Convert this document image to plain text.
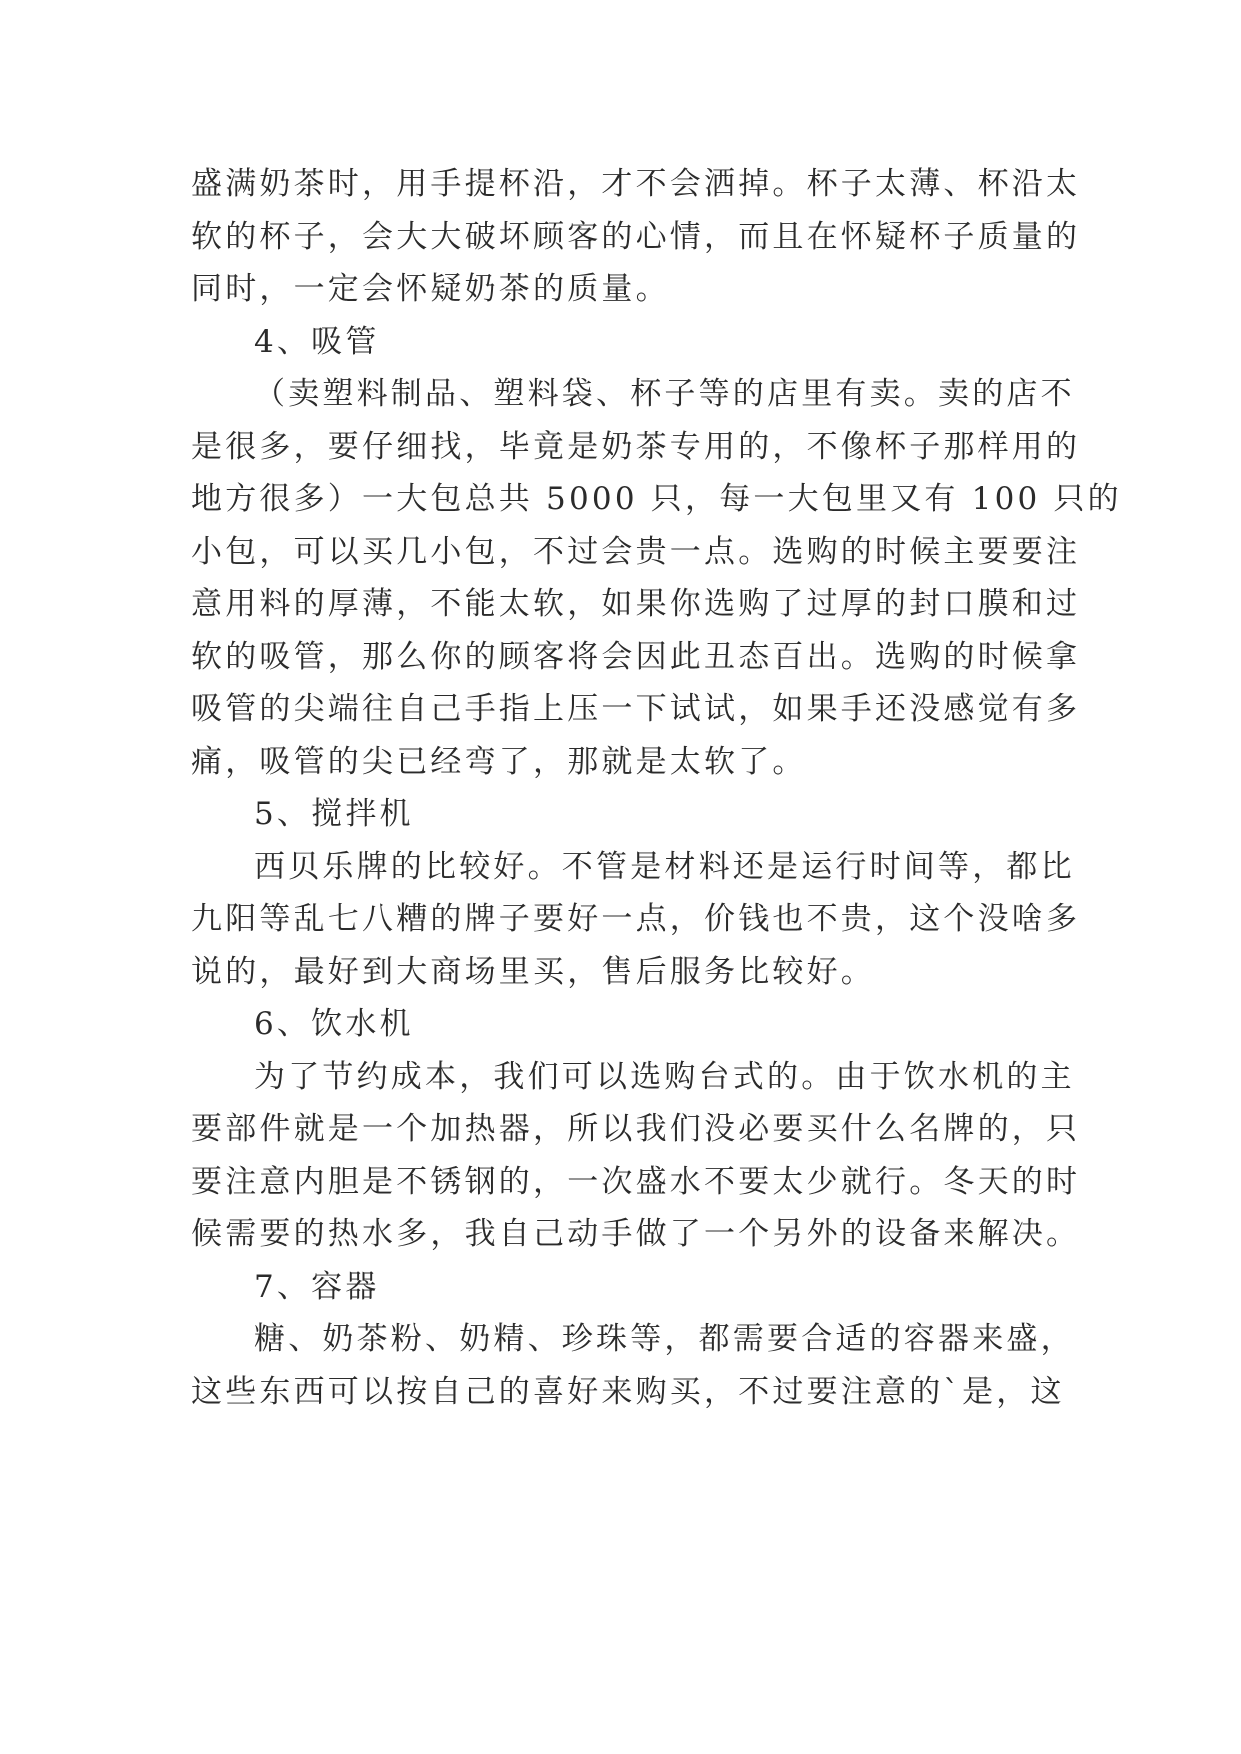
盛满奶茶时，用手提杯沿，才不会洒掉。杯子太薄、杯沿太
软的杯子，会大大破坏顾客的心情，而且在怀疑杯子质量的
同时，一定会怀疑奶茶的质量。
4、吸管
（卖塑料制品、塑料袋、杯子等的店里有卖。卖的店不
是很多，要仔细找，毕竟是奶茶专用的，不像杯子那样用的
地方很多）一大包总共 5000 只，每一大包里又有 100 只的
小包，可以买几小包，不过会贵一点。选购的时候主要要注
意用料的厚薄，不能太软，如果你选购了过厚的封口膜和过
软的吸管，那么你的顾客将会因此丑态百出。选购的时候拿
吸管的尖端往自己手指上压一下试试，如果手还没感觉有多
痛，吸管的尖已经弯了，那就是太软了。
5、搅拌机
西贝乐牌的比较好。不管是材料还是运行时间等，都比
九阳等乱七八糟的牌子要好一点，价钱也不贵，这个没啥多
说的，最好到大商场里买，售后服务比较好。
6、饮水机
为了节约成本，我们可以选购台式的。由于饮水机的主
要部件就是一个加热器，所以我们没必要买什么名牌的，只
要注意内胆是不锈钢的，一次盛水不要太少就行。冬天的时
候需要的热水多，我自己动手做了一个另外的设备来解决。
7、容器
糖、奶茶粉、奶精、珍珠等，都需要合适的容器来盛，
这些东西可以按自己的喜好来购买，不过要注意的`是，这
